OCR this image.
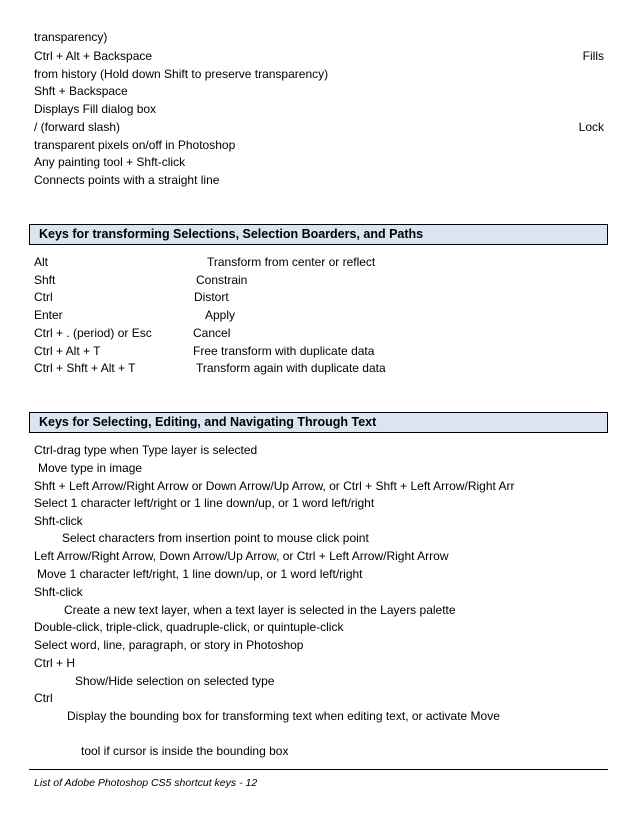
transparency)
Ctrl + Alt + Backspace	Fills
from history (Hold down Shift to preserve transparency)
Shft + Backspace
Displays Fill dialog box
/ (forward slash)	Lock
transparent pixels on/off in Photoshop
Any painting tool + Shft-click
Connects points with a straight line
Keys for transforming Selections, Selection Boarders, and Paths
Alt	Transform from center or reflect
Shft	Constrain
Ctrl	Distort
Enter	Apply
Ctrl + . (period) or Esc	Cancel
Ctrl + Alt + T	Free transform with duplicate data
Ctrl + Shft + Alt + T	Transform again with duplicate data
Keys for Selecting, Editing, and Navigating Through Text
Ctrl-drag type when Type layer is selected
Move type in image
Shft + Left Arrow/Right Arrow or Down Arrow/Up Arrow, or Ctrl + Shft + Left Arrow/Right Arr
Select 1 character left/right or 1 line down/up, or 1 word left/right
Shft-click
Select characters from insertion point to mouse click point
Left Arrow/Right Arrow, Down Arrow/Up Arrow, or Ctrl + Left Arrow/Right Arrow
Move 1 character left/right, 1 line down/up, or 1 word left/right
Shft-click
Create a new text layer, when a text layer is selected in the Layers palette
Double-click, triple-click, quadruple-click, or quintuple-click
Select word, line, paragraph, or story in Photoshop
Ctrl + H
Show/Hide selection on selected type
Ctrl
Display the bounding box for transforming text when editing text, or activate Move
tool if cursor is inside the bounding box
List of Adobe Photoshop CS5 shortcut keys - 12
